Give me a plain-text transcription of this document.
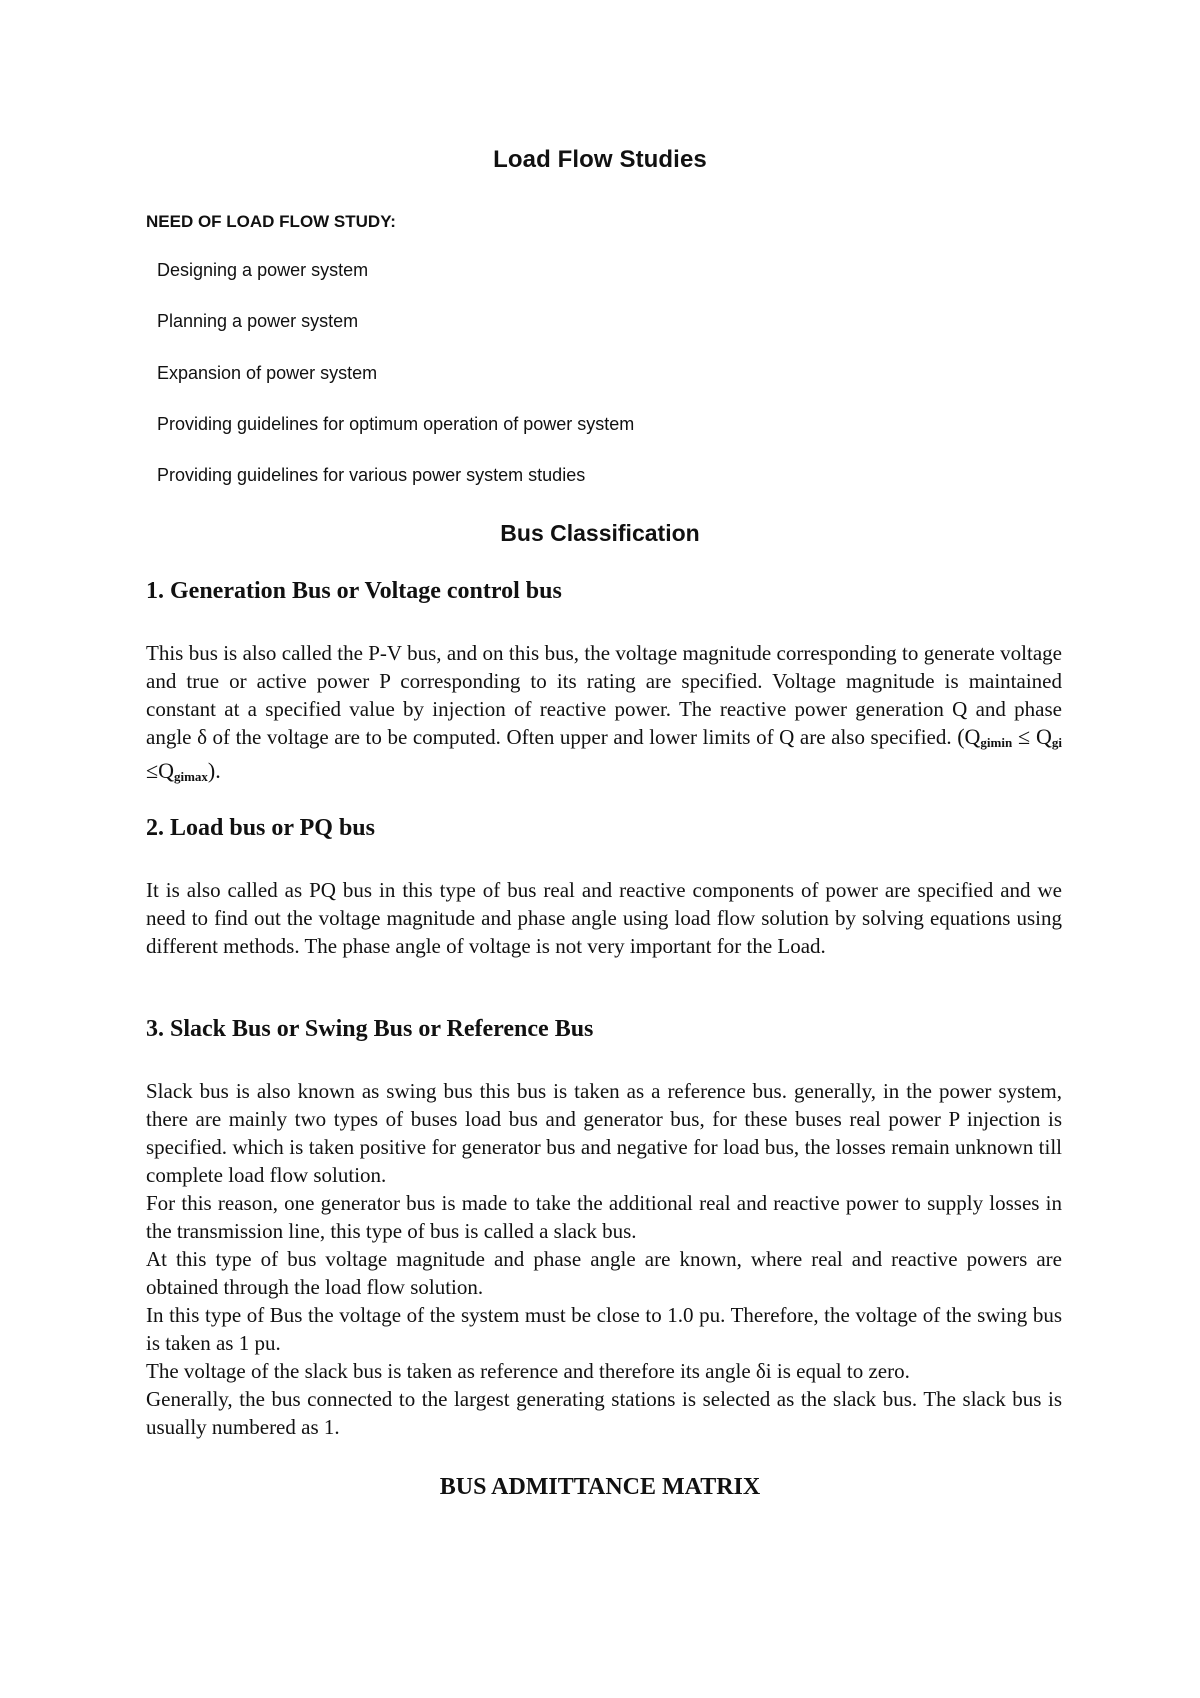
Load Flow Studies
NEED OF LOAD FLOW STUDY:
Designing a power system
Planning a power system
Expansion of power system
Providing guidelines for optimum operation of power system
Providing guidelines for various power system studies
Bus Classification
1. Generation Bus or Voltage control bus

This bus is also called the P-V bus, and on this bus, the voltage magnitude corresponding to generate voltage and true or active power P corresponding to its rating are specified. Voltage magnitude is maintained constant at a specified value by injection of reactive power. The reactive power generation Q and phase angle δ of the voltage are to be computed. Often upper and lower limits of Q are also specified. $(Q_{gimin} \le Q_{gi} \le Q_{gimax})$.

2. Load bus or PQ bus

It is also called as PQ bus in this type of bus real and reactive components of power are specified and we need to find out the voltage magnitude and phase angle using load flow solution by solving equations using different methods. The phase angle of voltage is not very important for the Load.

3. Slack Bus or Swing Bus or Reference Bus

Slack bus is also known as swing bus this bus is taken as a reference bus. generally, in the power system, there are mainly two types of buses load bus and generator bus, for these buses real power P injection is specified. which is taken positive for generator bus and negative for load bus, the losses remain unknown till complete load flow solution.

For this reason, one generator bus is made to take the additional real and reactive power to supply losses in the transmission line, this type of bus is called a slack bus.

At this type of bus voltage magnitude and phase angle are known, where real and reactive powers are obtained through the load flow solution.

In this type of Bus the voltage of the system must be close to 1.0 pu. Therefore, the voltage of the swing bus is taken as 1 pu.

The voltage of the slack bus is taken as reference and therefore its angle δi is equal to zero.

Generally, the bus connected to the largest generating stations is selected as the slack bus. The slack bus is usually numbered as 1.

BUS ADMITTANCE MATRIX
